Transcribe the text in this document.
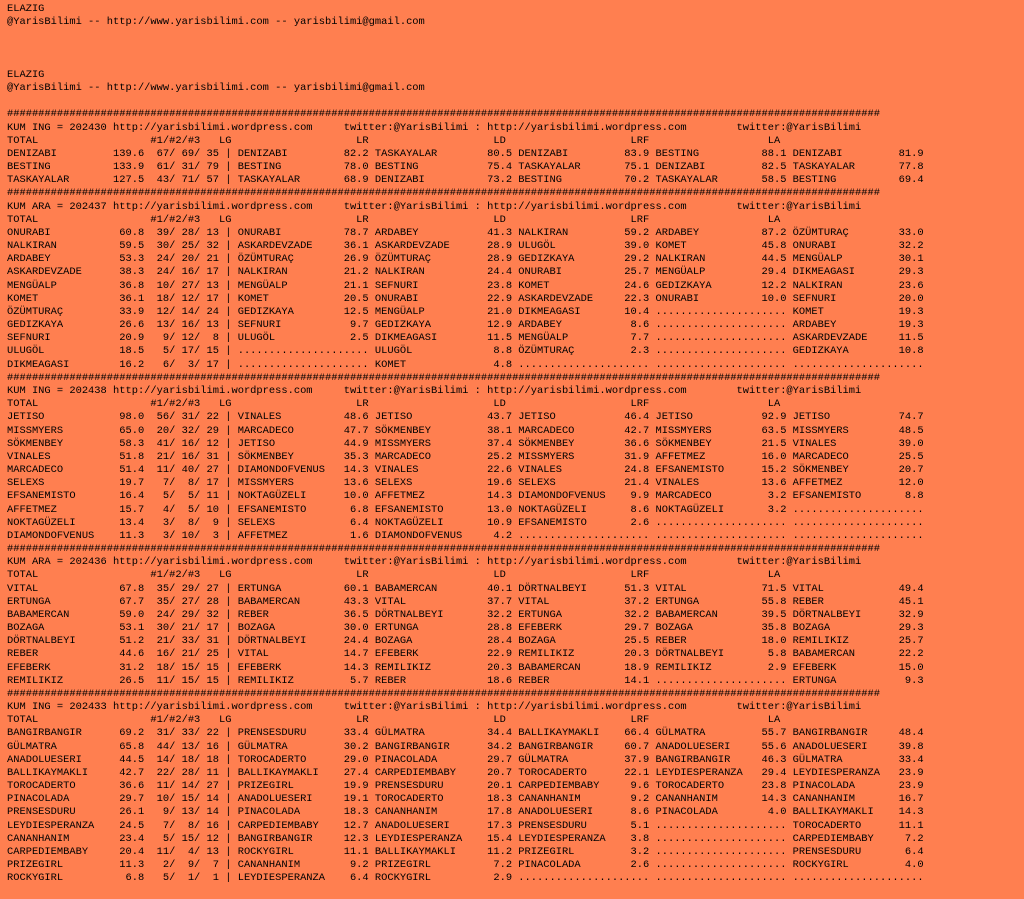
ELAZIG
@YarisBilimi -- http://www.yarisbilimi.com -- yarisbilimi@gmail.com
ELAZIG
@YarisBilimi -- http://www.yarisbilimi.com -- yarisbilimi@gmail.com
############################################################################################################################################
KUM ING = 202430 http://yarisbilimi.wordpress.com     twitter:@YarisBilimi : http://yarisbilimi.wordpress.com        twitter:@YarisBilimi
TOTAL                  #1/#2/#3   LG                    LR                    LD                    LRF                   LA
DENIZABI         139.6  67/ 69/ 35 | DENIZABI         82.2 TASKAYALAR        80.5 DENIZABI         83.9 BESTING          88.1 DENIZABI         81.9
BESTING          133.9  61/ 31/ 79 | BESTING          78.0 BESTING           75.4 TASKAYALAR       75.1 DENIZABI         82.5 TASKAYALAR       77.8
TASKAYALAR       127.5  43/ 71/ 57 | TASKAYALAR       68.9 DENIZABI          73.2 BESTING          70.2 TASKAYALAR       58.5 BESTING          69.4
############################################################################################################################################
KUM ARA = 202437 http://yarisbilimi.wordpress.com     twitter:@YarisBilimi : http://yarisbilimi.wordpress.com        twitter:@YarisBilimi
TOTAL                  #1/#2/#3   LG                    LR                    LD                    LRF                   LA
ONURABI           60.8  39/ 28/ 13 | ONURABI          78.7 ARDABEY           41.3 NALKIRAN         59.2 ARDABEY          87.2 ÖZÜMTURAÇ        33.0
NALKIRAN          59.5  30/ 25/ 32 | ASKARDEVZADE     36.1 ASKARDEVZADE      28.9 ULUGÖL           39.0 KOMET            45.8 ONURABI          32.2
ARDABEY           53.3  24/ 20/ 21 | ÖZÜMTURAÇ        26.9 ÖZÜMTURAÇ         28.9 GEDIZKAYA        29.2 NALKIRAN         44.5 MENGÜALP         30.1
ASKARDEVZADE      38.3  24/ 16/ 17 | NALKIRAN         21.2 NALKIRAN          24.4 ONURABI          25.7 MENGÜALP         29.4 DIKMEAGASI       29.3
MENGÜALP          36.8  10/ 27/ 13 | MENGÜALP         21.1 SEFNURI           23.8 KOMET            24.6 GEDIZKAYA        12.2 NALKIRAN         23.6
KOMET             36.1  18/ 12/ 17 | KOMET            20.5 ONURABI           22.9 ASKARDEVZADE     22.3 ONURABI          10.0 SEFNURI          20.0
ÖZÜMTURAÇ         33.9  12/ 14/ 24 | GEDIZKAYA        12.5 MENGÜALP          21.0 DIKMEAGASI       10.4 ..................... KOMET            19.3
GEDIZKAYA         26.6  13/ 16/ 13 | SEFNURI           9.7 GEDIZKAYA         12.9 ARDABEY           8.6 ..................... ARDABEY          19.3
SEFNURI           20.9   9/ 12/  8 | ULUGÖL            2.5 DIKMEAGASI        11.5 MENGÜALP          7.7 ..................... ASKARDEVZADE     11.5
ULUGÖL            18.5   5/ 17/ 15 | ..................... ULUGÖL             8.8 ÖZÜMTURAÇ         2.3 ..................... GEDIZKAYA        10.8
DIKMEAGASI        16.2   6/  3/ 17 | ..................... KOMET              4.8 ..................... ..................... .....................
############################################################################################################################################
KUM ING = 202438 http://yarisbilimi.wordpress.com     twitter:@YarisBilimi : http://yarisbilimi.wordpress.com        twitter:@YarisBilimi
TOTAL                  #1/#2/#3   LG                    LR                    LD                    LRF                   LA
JETISO            98.0  56/ 31/ 22 | VINALES          48.6 JETISO            43.7 JETISO           46.4 JETISO           92.9 JETISO           74.7
MISSMYERS         65.0  20/ 32/ 29 | MARCADECO        47.7 SÖKMENBEY         38.1 MARCADECO        42.7 MISSMYERS        63.5 MISSMYERS        48.5
SÖKMENBEY         58.3  41/ 16/ 12 | JETISO           44.9 MISSMYERS         37.4 SÖKMENBEY        36.6 SÖKMENBEY        21.5 VINALES          39.0
VINALES           51.8  21/ 16/ 31 | SÖKMENBEY        35.3 MARCADECO         25.2 MISSMYERS        31.9 AFFETMEZ         16.0 MARCADECO        25.5
MARCADECO         51.4  11/ 40/ 27 | DIAMONDOFVENUS   14.3 VINALES           22.6 VINALES          24.8 EFSANEMISTO      15.2 SÖKMENBEY        20.7
SELEXS            19.7   7/  8/ 17 | MISSMYERS        13.6 SELEXS            19.6 SELEXS           21.4 VINALES          13.6 AFFETMEZ         12.0
EFSANEMISTO       16.4   5/  5/ 11 | NOKTAGÜZELI      10.0 AFFETMEZ          14.3 DIAMONDOFVENUS    9.9 MARCADECO         3.2 EFSANEMISTO       8.8
AFFETMEZ          15.7   4/  5/ 10 | EFSANEMISTO       6.8 EFSANEMISTO       13.0 NOKTAGÜZELI       8.6 NOKTAGÜZELI       3.2 .....................
NOKTAGÜZELI       13.4   3/  8/  9 | SELEXS            6.4 NOKTAGÜZELI       10.9 EFSANEMISTO       2.6 ..................... .....................
DIAMONDOFVENUS    11.3   3/ 10/  3 | AFFETMEZ          1.6 DIAMONDOFVENUS     4.2 ..................... ..................... .....................
############################################################################################################################################
KUM ARA = 202436 http://yarisbilimi.wordpress.com     twitter:@YarisBilimi : http://yarisbilimi.wordpress.com        twitter:@YarisBilimi
TOTAL                  #1/#2/#3   LG                    LR                    LD                    LRF                   LA
VITAL             67.8  35/ 29/ 27 | ERTUNGA          60.1 BABAMERCAN        40.1 DÖRTNALBEYI      51.3 VITAL            71.5 VITAL            49.4
ERTUNGA           67.7  35/ 27/ 28 | BABAMERCAN       43.3 VITAL             37.7 VITAL            37.2 ERTUNGA          55.8 REBER            45.1
BABAMERCAN        59.0  24/ 29/ 32 | REBER            36.5 DÖRTNALBEYI       32.2 ERTUNGA          32.2 BABAMERCAN       39.5 DÖRTNALBEYI      32.9
BOZAGA            53.1  30/ 21/ 17 | BOZAGA           30.0 ERTUNGA           28.8 EFEBERK          29.7 BOZAGA           35.8 BOZAGA           29.3
DÖRTNALBEYI       51.2  21/ 33/ 31 | DÖRTNALBEYI      24.4 BOZAGA            28.4 BOZAGA           25.5 REBER            18.0 REMILIKIZ        25.7
REBER             44.6  16/ 21/ 25 | VITAL            14.7 EFEBERK           22.9 REMILIKIZ        20.3 DÖRTNALBEYI       5.8 BABAMERCAN       22.2
EFEBERK           31.2  18/ 15/ 15 | EFEBERK          14.3 REMILIKIZ         20.3 BABAMERCAN       18.9 REMILIKIZ         2.9 EFEBERK          15.0
REMILIKIZ         26.5  11/ 15/ 15 | REMILIKIZ         5.7 REBER             18.6 REBER            14.1 ..................... ERTUNGA           9.3
############################################################################################################################################
KUM ING = 202433 http://yarisbilimi.wordpress.com     twitter:@YarisBilimi : http://yarisbilimi.wordpress.com        twitter:@YarisBilimi
TOTAL                  #1/#2/#3   LG                    LR                    LD                    LRF                   LA
BANGIRBANGIR      69.2  31/ 33/ 22 | PRENSESDURU      33.4 GÜLMATRA          34.4 BALLIKAYMAKLI    66.4 GÜLMATRA         55.7 BANGIRBANGIR     48.4
GÜLMATRA          65.8  44/ 13/ 16 | GÜLMATRA         30.2 BANGIRBANGIR      34.2 BANGIRBANGIR     60.7 ANADOLUESERI     55.6 ANADOLUESERI     39.8
ANADOLUESERI      44.5  14/ 18/ 18 | TOROCADERTO      29.0 PINACOLADA        29.7 GÜLMATRA         37.9 BANGIRBANGIR     46.3 GÜLMATRA         33.4
BALLIKAYMAKLI     42.7  22/ 28/ 11 | BALLIKAYMAKLI    27.4 CARPEDIEMBABY     20.7 TOROCADERTO      22.1 LEYDIESPERANZA   29.4 LEYDIESPERANZA   23.9
TOROCADERTO       36.6  11/ 14/ 27 | PRIZEGIRL        19.9 PRENSESDURU       20.1 CARPEDIEMBABY     9.6 TOROCADERTO      23.8 PINACOLADA       23.9
PINACOLADA        29.7  10/ 15/ 14 | ANADOLUESERI     19.1 TOROCADERTO       18.3 CANANHANIM        9.2 CANANHANIM       14.3 CANANHANIM       16.7
PRENSESDURU       26.1   9/ 13/ 14 | PINACOLADA       18.3 CANANHANIM        17.8 ANADOLUESERI      8.6 PINACOLADA        4.0 BALLIKAYMAKLI    14.3
LEYDIESPERANZA    24.5   7/  8/ 16 | CARPEDIEMBABY    12.7 ANADOLUESERI      17.3 PRENSESDURU       5.1 ..................... TOROCADERTO      11.1
CANANHANIM        23.4   5/ 15/ 12 | BANGIRBANGIR     12.3 LEYDIESPERANZA    15.4 LEYDIESPERANZA    3.8 ..................... CARPEDIEMBABY     7.2
CARPEDIEMBABY     20.4  11/  4/ 13 | ROCKYGIRL        11.1 BALLIKAYMAKLI     11.2 PRIZEGIRL         3.2 ..................... PRENSESDURU       6.4
PRIZEGIRL         11.3   2/  9/  7 | CANANHANIM        9.2 PRIZEGIRL          7.2 PINACOLADA        2.6 ..................... ROCKYGIRL         4.0
ROCKYGIRL          6.8   5/  1/  1 | LEYDIESPERANZA    6.4 ROCKYGIRL          2.9 ..................... ..................... .....................
